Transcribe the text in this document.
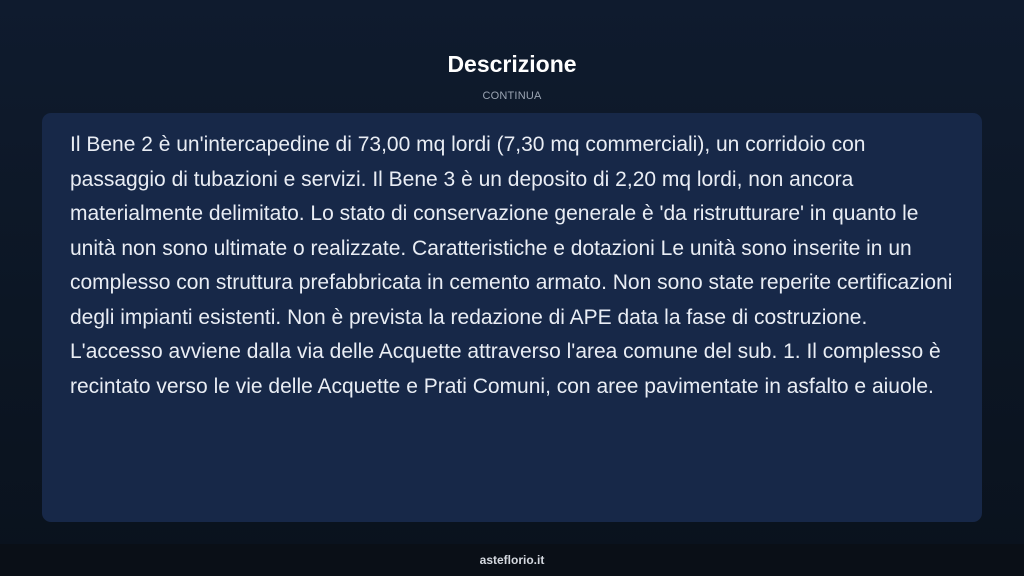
Descrizione
CONTINUA

Il Bene 2 è un'intercapedine di 73,00 mq lordi (7,30 mq commerciali), un corridoio con passaggio di tubazioni e servizi. Il Bene 3 è un deposito di 2,20 mq lordi, non ancora materialmente delimitato. Lo stato di conservazione generale è 'da ristrutturare' in quanto le unità non sono ultimate o realizzate. Caratteristiche e dotazioni Le unità sono inserite in un complesso con struttura prefabbricata in cemento armato. Non sono state reperite certificazioni degli impianti esistenti. Non è prevista la redazione di APE data la fase di costruzione. L'accesso avviene dalla via delle Acquette attraverso l'area comune del sub. 1. Il complesso è recintato verso le vie delle Acquette e Prati Comuni, con aree pavimentate in asfalto e aiuole.

asteflorio.it
